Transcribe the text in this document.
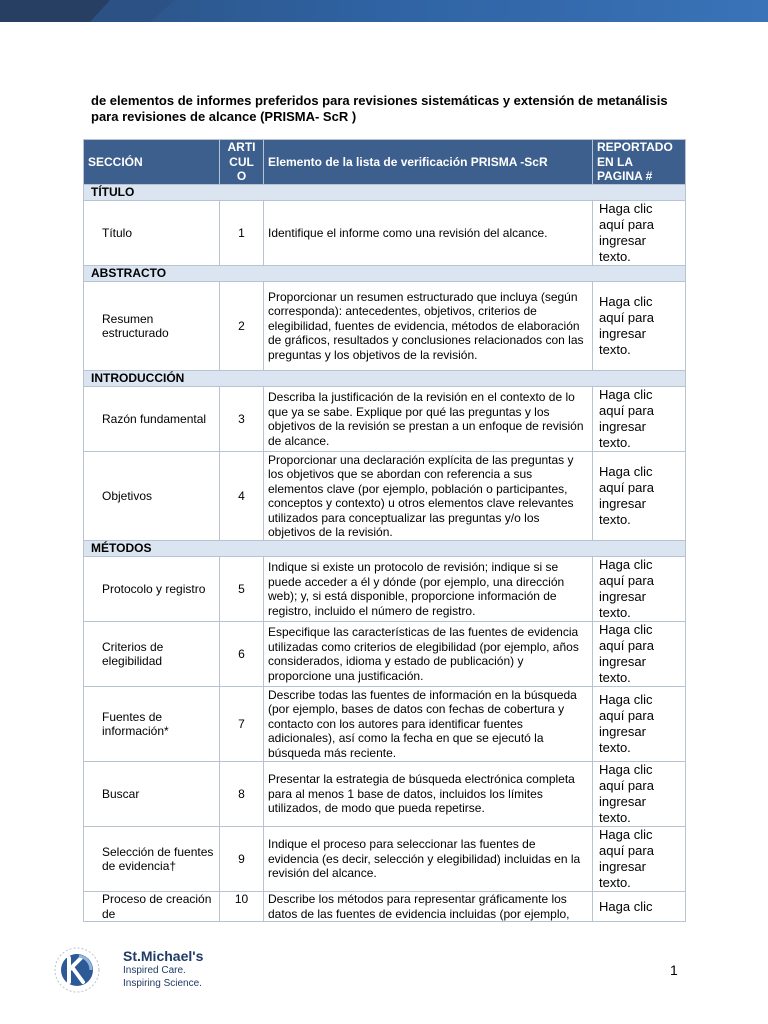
de elementos de informes preferidos para revisiones sistemáticas y extensión de metanálisis para revisiones de alcance (PRISMA- ScR )
SECCIÓN	ARTI CUL O	Elemento de la lista de verificación PRISMA -ScR	REPORTADO EN LA PAGINA #
TÍTULO			
Título	1	Identifique el informe como una revisión del alcance.	Haga clic aquí para ingresar texto.
ABSTRACTO			
Resumen estructurado	2	Proporcionar un resumen estructurado que incluya (según corresponda): antecedentes, objetivos, criterios de elegibilidad, fuentes de evidencia, métodos de elaboración de gráficos, resultados y conclusiones relacionados con las preguntas y los objetivos de la revisión.	Haga clic aquí para ingresar texto.
INTRODUCCIÓN			
Razón fundamental	3	Describa la justificación de la revisión en el contexto de lo que ya se sabe. Explique por qué las preguntas y los objetivos de la revisión se prestan a un enfoque de revisión de alcance.	Haga clic aquí para ingresar texto.
Objetivos	4	Proporcionar una declaración explícita de las preguntas y los objetivos que se abordan con referencia a sus elementos clave (por ejemplo, población o participantes, conceptos y contexto) u otros elementos clave relevantes utilizados para conceptualizar las preguntas y/o los objetivos de la revisión.	Haga clic aquí para ingresar texto.
MÉTODOS			
Protocolo y registro	5	Indique si existe un protocolo de revisión; indique si se puede acceder a él y dónde (por ejemplo, una dirección web); y, si está disponible, proporcione información de registro, incluido el número de registro.	Haga clic aquí para ingresar texto.
Criterios de elegibilidad	6	Especifique las características de las fuentes de evidencia utilizadas como criterios de elegibilidad (por ejemplo, años considerados, idioma y estado de publicación) y proporcione una justificación.	Haga clic aquí para ingresar texto.
Fuentes de información*	7	Describe todas las fuentes de información en la búsqueda (por ejemplo, bases de datos con fechas de cobertura y contacto con los autores para identificar fuentes adicionales), así como la fecha en que se ejecutó la búsqueda más reciente.	Haga clic aquí para ingresar texto.
Buscar	8	Presentar la estrategia de búsqueda electrónica completa para al menos 1 base de datos, incluidos los límites utilizados, de modo que pueda repetirse.	Haga clic aquí para ingresar texto.
Selección de fuentes de evidencia†	9	Indique el proceso para seleccionar las fuentes de evidencia (es decir, selección y elegibilidad) incluidas en la revisión del alcance.	Haga clic aquí para ingresar texto.
Proceso de creación de	10	Describe los métodos para representar gráficamente los datos de las fuentes de evidencia incluidas (por ejemplo,	Haga clic
St.Michael's
Inspired Care.
Inspiring Science.
1
